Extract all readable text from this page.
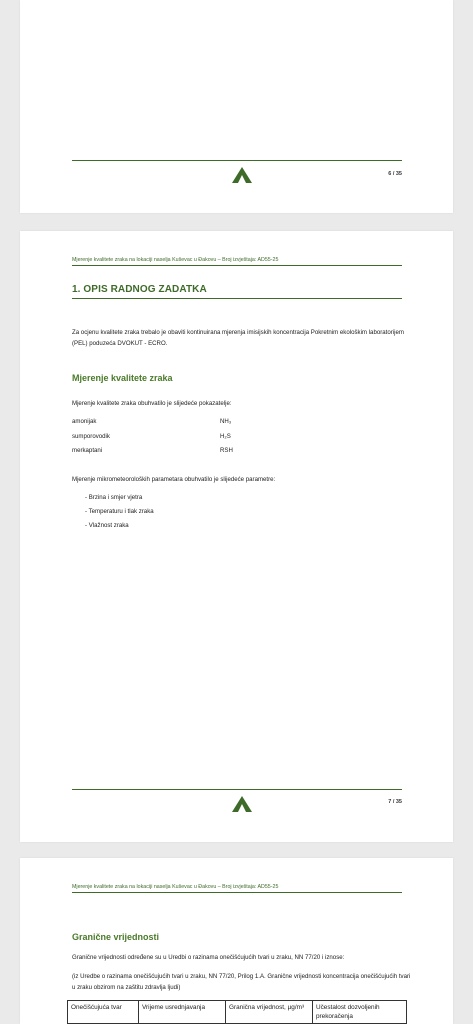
6 / 35
Mjerenje kvalitete zraka na lokaciji naselja Kuševac u Đakovu – Broj izvještaja: AD55-25
1. OPIS RADNOG ZADATKA
Za ocjenu kvalitete zraka trebalo je obaviti kontinuirana mjerenja imisijskih koncentracija Pokretnim ekološkim laboratorijem (PEL) poduzeća DVOKUT - ECRO.
Mjerenje kvalitete zraka
Mjerenje kvalitete zraka obuhvatilo je slijedeće pokazatelje:
amonijak	NH₃
sumporovodik	H₂S
merkaptani	RSH
Mjerenje mikrometeoroloških parametara obuhvatilo je slijedeće parametre:
- Brzina i smjer vjetra
- Temperaturu i tlak zraka
- Vlažnost zraka
7 / 35
Mjerenje kvalitete zraka na lokaciji naselja Kuševac u Đakovu – Broj izvještaja: AD55-25
Granične vrijednosti
Granične vrijednosti određene su u Uredbi o razinama onečišćujućih tvari u zraku, NN 77/20 i iznose:
(iz Uredbe o razinama onečišćujućih tvari u zraku, NN 77/20, Prilog 1.A. Granične vrijednosti koncentracija onečišćujućih tvari u zraku obzirom na zaštitu zdravlja ljudi)
Onečišćujuća tvar	Vrijeme usrednjavanja	Granična vrijednost, µg/m³	Učestalost dozvoljenih prekoračenja
